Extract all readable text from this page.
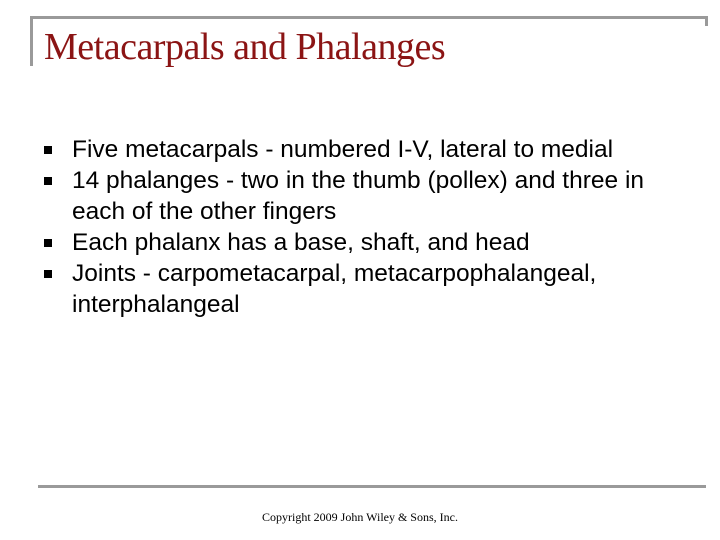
Metacarpals and Phalanges
Five metacarpals - numbered I-V, lateral to medial
14 phalanges - two in the thumb (pollex) and three in each of the other fingers
Each phalanx has a base, shaft, and head
Joints - carpometacarpal, metacarpophalangeal, interphalangeal
Copyright 2009 John Wiley & Sons, Inc.
